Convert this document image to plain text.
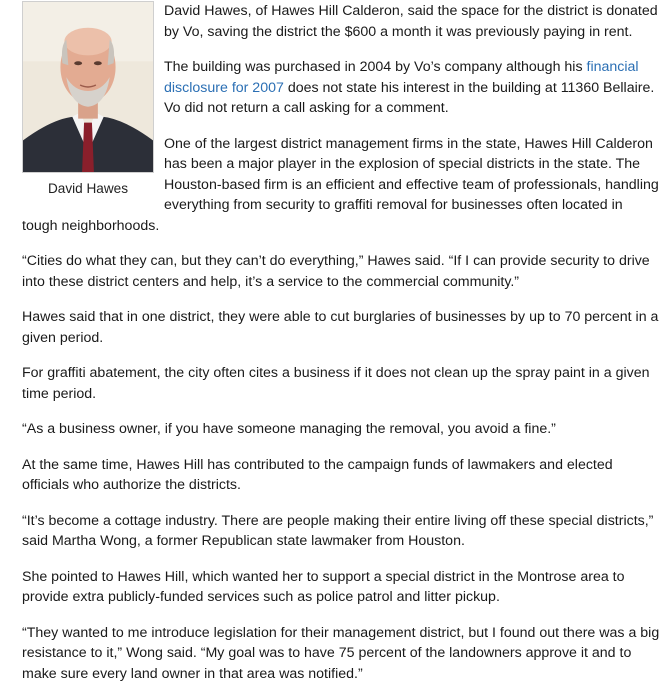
David Hawes

David Hawes, of Hawes Hill Calderon, said the space for the district is donated by Vo, saving the district the $600 a month it was previously paying in rent.

The building was purchased in 2004 by Vo’s company although his financial disclosure for 2007 does not state his interest in the building at 11360 Bellaire. Vo did not return a call asking for a comment.

One of the largest district management firms in the state, Hawes Hill Calderon has been a major player in the explosion of special districts in the state. The Houston-based firm is an efficient and effective team of professionals, handling everything from security to graffiti removal for businesses often located in tough neighborhoods.

“Cities do what they can, but they can’t do everything,” Hawes said. “If I can provide security to drive into these district centers and help, it’s a service to the commercial community.”

Hawes said that in one district, they were able to cut burglaries of businesses by up to 70 percent in a given period.

For graffiti abatement, the city often cites a business if it does not clean up the spray paint in a given time period.

“As a business owner, if you have someone managing the removal, you avoid a fine.”

At the same time, Hawes Hill has contributed to the campaign funds of lawmakers and elected officials who authorize the districts.

“It’s become a cottage industry. There are people making their entire living off these special districts,” said Martha Wong, a former Republican state lawmaker from Houston.

She pointed to Hawes Hill, which wanted her to support a special district in the Montrose area to provide extra publicly-funded services such as police patrol and litter pickup.

“They wanted to me introduce legislation for their management district, but I found out there was a big resistance to it,” Wong said. “My goal was to have 75 percent of the landowners approve it and to make sure every land owner in that area was notified.”
